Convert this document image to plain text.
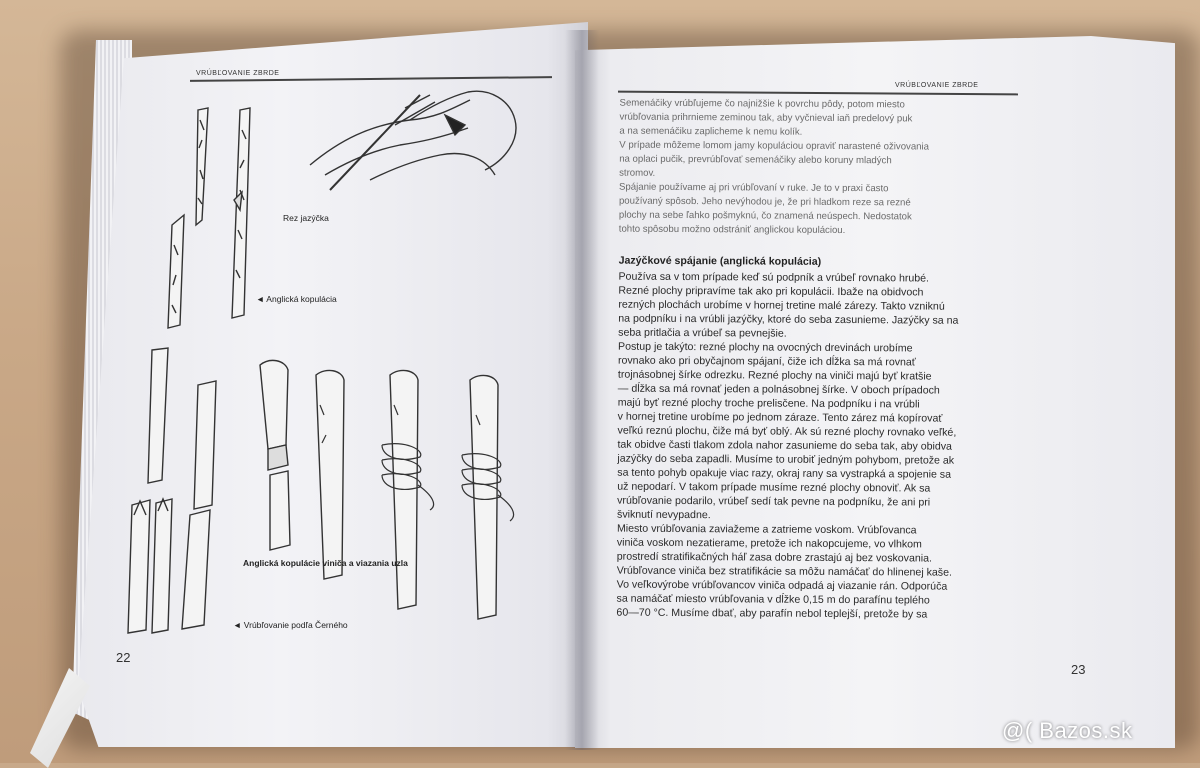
VRÚBĽOVANIE ZBRDE
Rez jazýčka
◄ Anglická kopulácia
Anglická kopulácie viniča a viazania uzla
◄ Vrúbľovanie podľa Černého
22
VRÚBĽOVANIE ZBRDE
Semenáčiky vrúbľujeme čo najnižšie k povrchu pôdy, potom miesto
vrúbľovania prihrnieme zeminou tak, aby vyčnieval iaň predelový puk
a na semenáčiku zaplicheme k nemu kolík.
V prípade môžeme lomom jamy kopuláciou opraviť narastené oživovania
na oplaci pučik, prevrúbľovať semenáčiky alebo koruny mladých
stromov.
Spájanie používame aj pri vrúbľovaní v ruke. Je to v praxi často
používaný spôsob. Jeho nevýhodou je, že pri hladkom reze sa rezné
plochy na sebe ľahko pošmyknú, čo znamená neúspech. Nedostatok
tohto spôsobu možno odstrániť anglickou kopuláciou.
Jazýčkové spájanie (anglická kopulácia)
Používa sa v tom prípade keď sú podpník a vrúbeľ rovnako hrubé.
Rezné plochy pripravíme tak ako pri kopulácii. Ibaže na obidvoch
rezných plochách urobíme v hornej tretine malé zárezy. Takto vzniknú
na podpníku i na vrúbli jazýčky, ktoré do seba zasunieme. Jazýčky sa na
seba pritlačia a vrúbeľ sa pevnejšie.
Postup je takýto: rezné plochy na ovocných drevinách urobíme
rovnako ako pri obyčajnom spájaní, čiže ich dĺžka sa má rovnať
trojnásobnej šírke odrezku. Rezné plochy na viniči majú byť kratšie
— dĺžka sa má rovnať jeden a polnásobnej šírke. V oboch prípadoch
majú byť rezné plochy troche prelisčene. Na podpníku i na vrúbli
v hornej tretine urobíme po jednom záraze. Tento zárez má kopírovať
veľkú reznú plochu, čiže má byť oblý. Ak sú rezné plochy rovnako veľké,
tak obidve časti tlakom zdola nahor zasunieme do seba tak, aby obidva
jazýčky do seba zapadli. Musíme to urobiť jedným pohybom, pretože ak
sa tento pohyb opakuje viac razy, okraj rany sa vystrapká a spojenie sa
už nepodarí. V takom prípade musíme rezné plochy obnoviť. Ak sa
vrúbľovanie podarilo, vrúbeľ sedí tak pevne na podpníku, že ani pri
šviknutí nevypadne.
Miesto vrúbľovania zaviažeme a zatrieme voskom. Vrúbľovanca
viniča voskom nezatierame, pretože ich nakopcujeme, vo vlhkom
prostredí stratifikačných háľ zasa dobre zrastajú aj bez voskovania.
Vrúbľovance viniča bez stratifikácie sa môžu namáčať do hlinenej kaše.
Vo veľkovýrobe vrúbľovancov viniča odpadá aj viazanie rán. Odporúča
sa namáčať miesto vrúbľovania v dĺžke 0,15 m do parafínu teplého
60—70 °C. Musíme dbať, aby parafín nebol teplejší, pretože by sa
23
@( Bazos.sk
